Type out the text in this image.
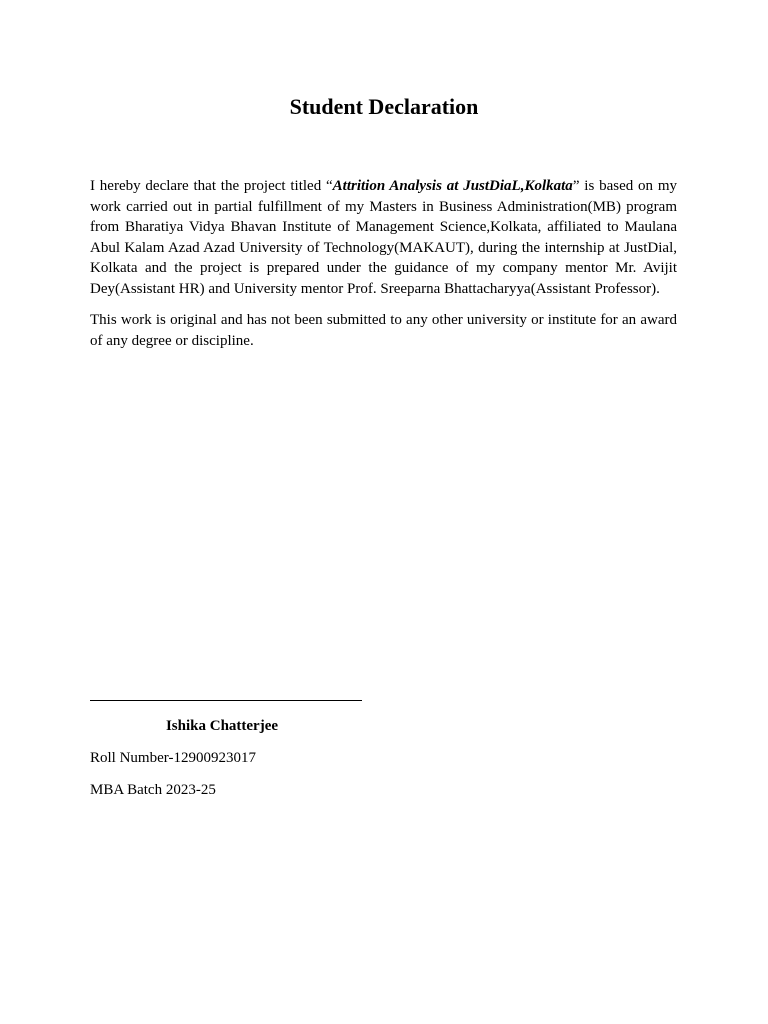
Student Declaration

I hereby declare that the project titled “Attrition Analysis at JustDiaL,Kolkata” is based on my work carried out in partial fulfillment of my Masters in Business Administration(MB) program from Bharatiya Vidya Bhavan Institute of Management Science,Kolkata, affiliated to Maulana Abul Kalam Azad Azad University of Technology(MAKAUT), during the internship at JustDial, Kolkata and the project is prepared under the guidance of my company mentor Mr. Avijit Dey(Assistant HR) and University mentor Prof. Sreeparna Bhattacharyya(Assistant Professor).

This work is original and has not been submitted to any other university or institute for an award of any degree or discipline.

Ishika Chatterjee

Roll Number-12900923017

MBA Batch 2023-25
